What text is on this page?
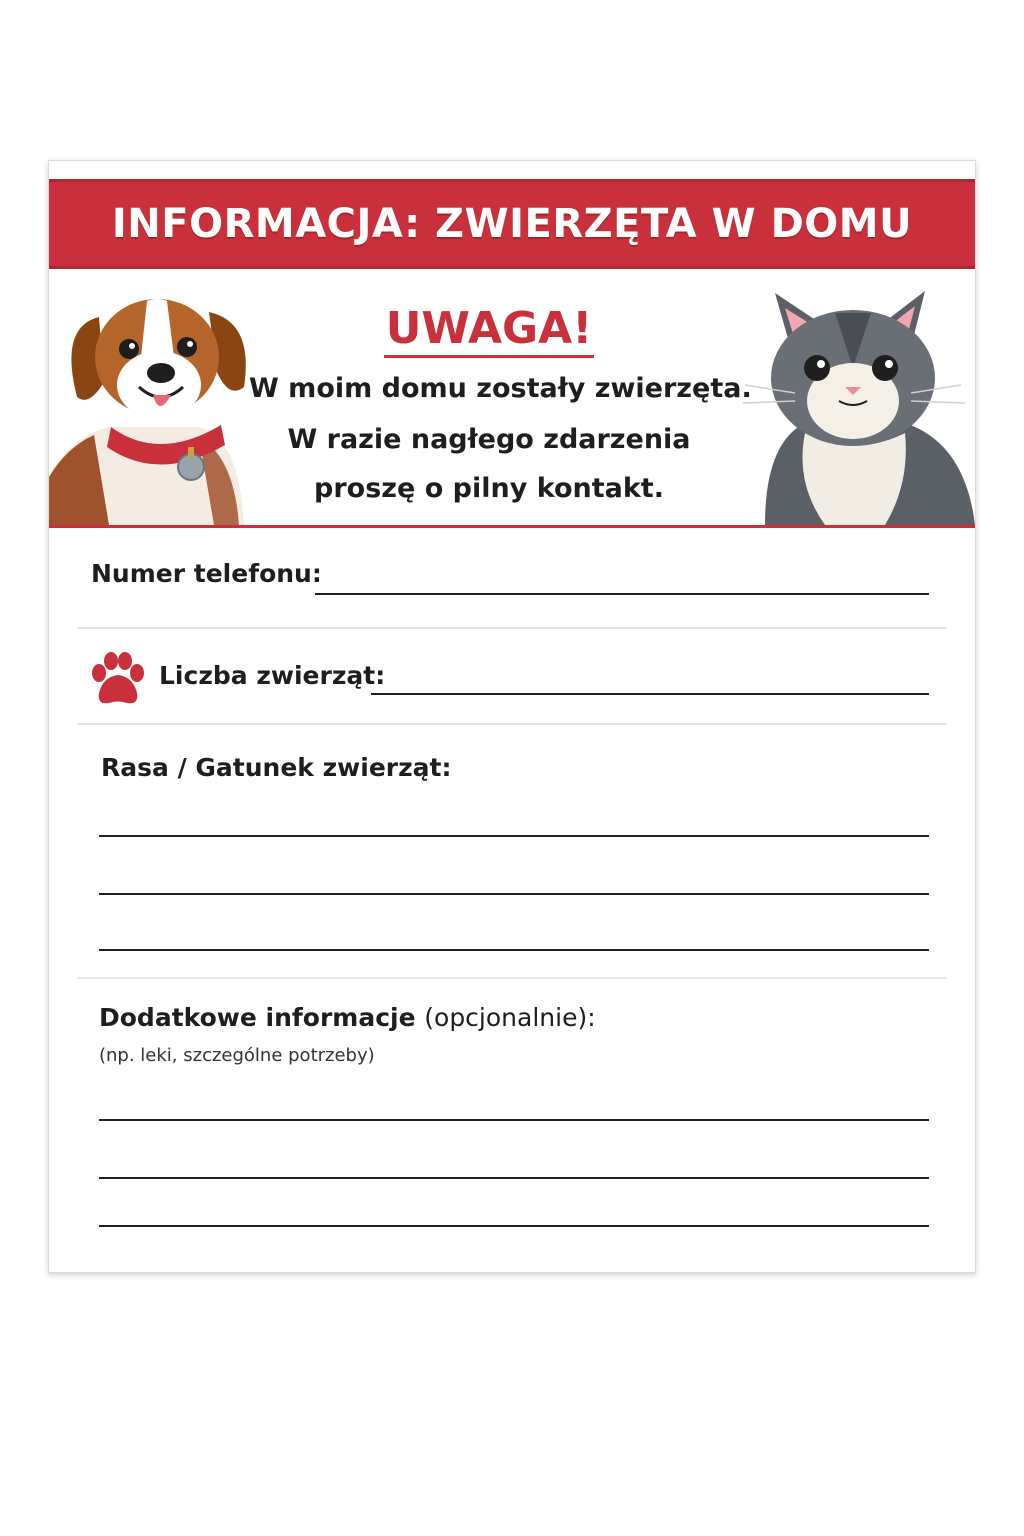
INFORMACJA: ZWIERZĘTA W DOMU
UWAGA!
W moim domu zostały zwierzęta.
W razie nagłego zdarzenia
proszę o pilny kontakt.
Numer telefonu:
Liczba zwierząt:
Rasa / Gatunek zwierząt:
Dodatkowe informacje (opcjonalnie):
(np. leki, szczególne potrzeby)
